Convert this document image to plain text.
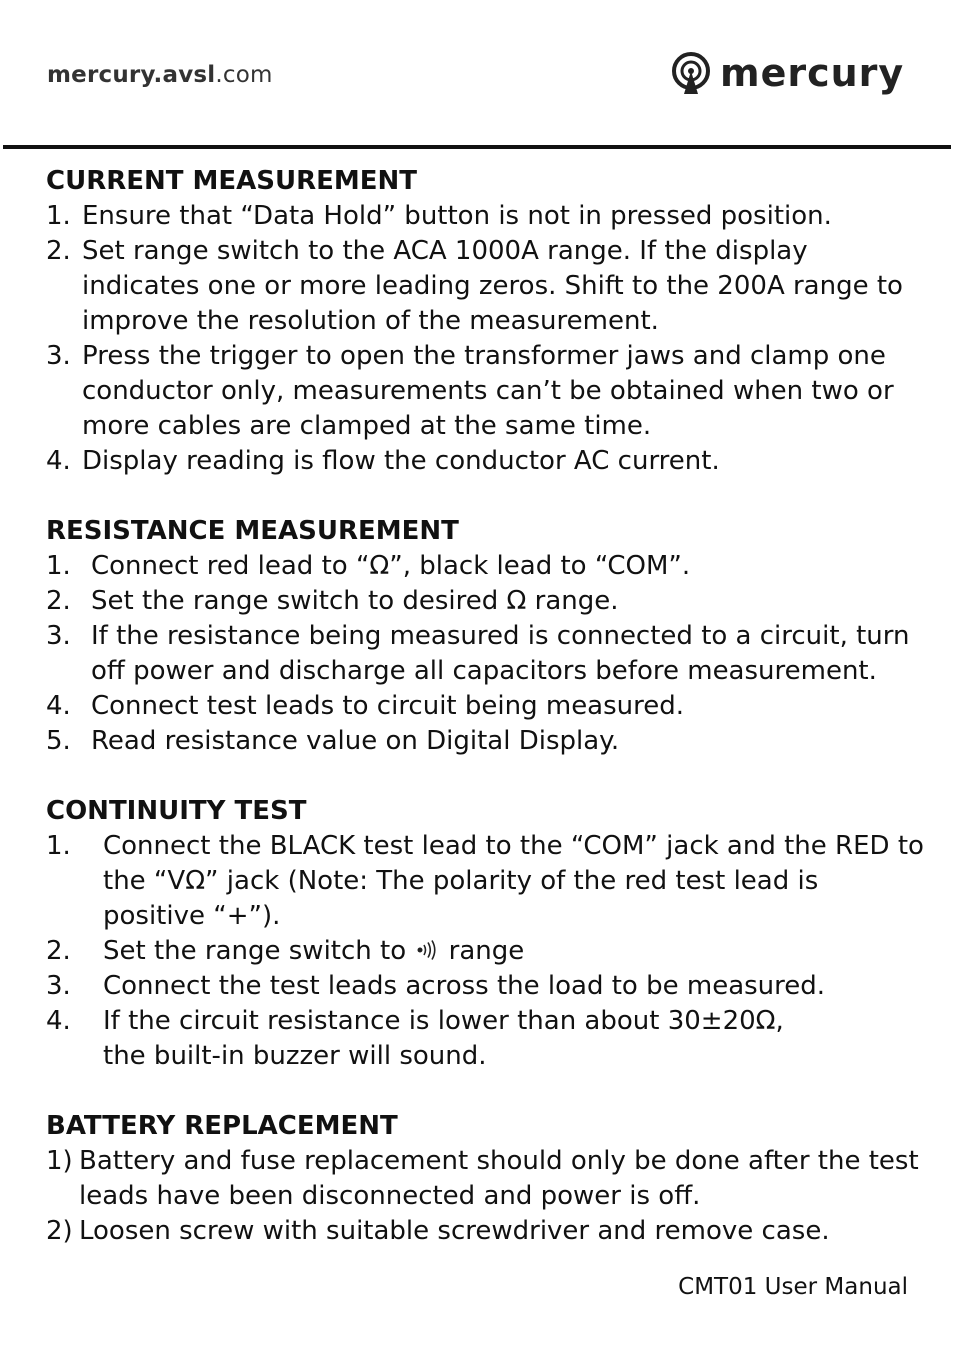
mercury.avsl.com	mercury
CURRENT MEASUREMENT
1. Ensure that “Data Hold” button is not in pressed position.
2. Set range switch to the ACA 1000A range. If the display indicates one or more leading zeros. Shift to the 200A range to improve the resolution of the measurement.
3. Press the trigger to open the transformer jaws and clamp one conductor only, measurements can’t be obtained when two or more cables are clamped at the same time.
4. Display reading is flow the conductor AC current.
RESISTANCE MEASUREMENT
1. Connect red lead to “Ω”, black lead to “COM”.
2. Set the range switch to desired Ω range.
3. If the resistance being measured is connected to a circuit, turn off power and discharge all capacitors before measurement.
4. Connect test leads to circuit being measured.
5. Read resistance value on Digital Display.
CONTINUITY TEST
1.	Connect the BLACK test lead to the “COM” jack and the RED to the “VΩ” jack (Note: The polarity of the red test lead is positive “+”).
2.	Set the range switch to range
3.	Connect the test leads across the load to be measured.
4.	If the circuit resistance is lower than about 30±20Ω,
the built-in buzzer will sound.
BATTERY REPLACEMENT
1) Battery and fuse replacement should only be done after the test leads have been disconnected and power is off.
2) Loosen screw with suitable screwdriver and remove case.
CMT01 User Manual
